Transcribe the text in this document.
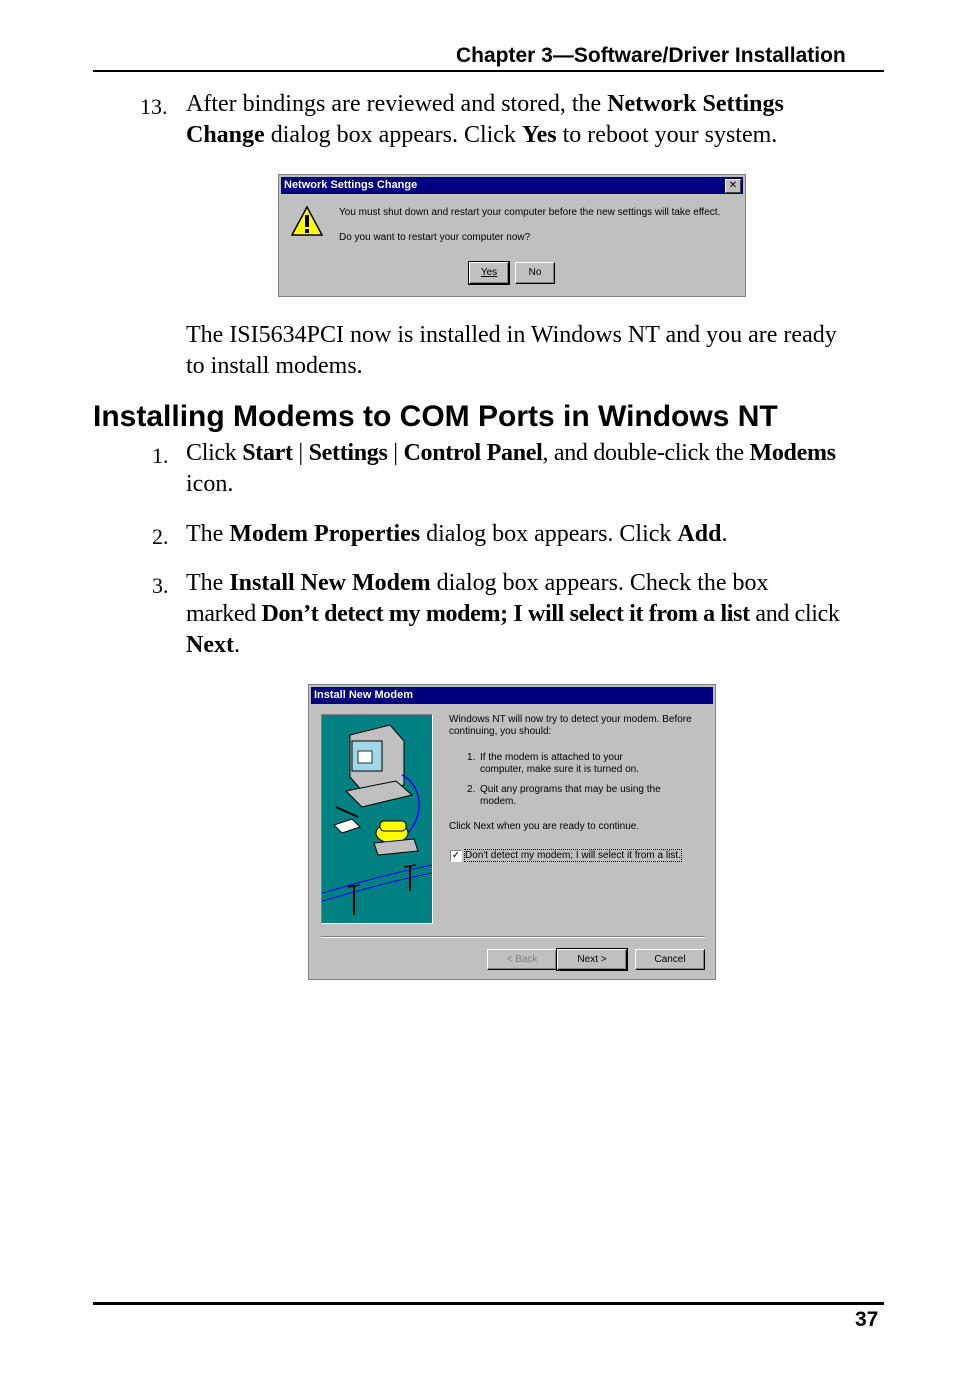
Chapter 3—Software/Driver Installation
13. After bindings are reviewed and stored, the Network Settings
Change dialog box appears. Click Yes to reboot your system.
Network Settings Change	✕
You must shut down and restart your computer before the new settings will take effect.
Do you want to restart your computer now?
Yes	No
The ISI5634PCI now is installed in Windows NT and you are ready
to install modems.
Installing Modems to COM Ports in Windows NT
1. Click Start | Settings | Control Panel, and double-click the Modems
icon.
2. The Modem Properties dialog box appears. Click Add.
3. The Install New Modem dialog box appears. Check the box
marked Don’t detect my modem; I will select it from a list and click
Next.
Install New Modem
Windows NT will now try to detect your modem. Before
continuing, you should:
1. If the modem is attached to your
computer, make sure it is turned on.
2. Quit any programs that may be using the
modem.
Click Next when you are ready to continue.
✓ Don't detect my modem; I will select it from a list.
< Back	Next >	Cancel
37
